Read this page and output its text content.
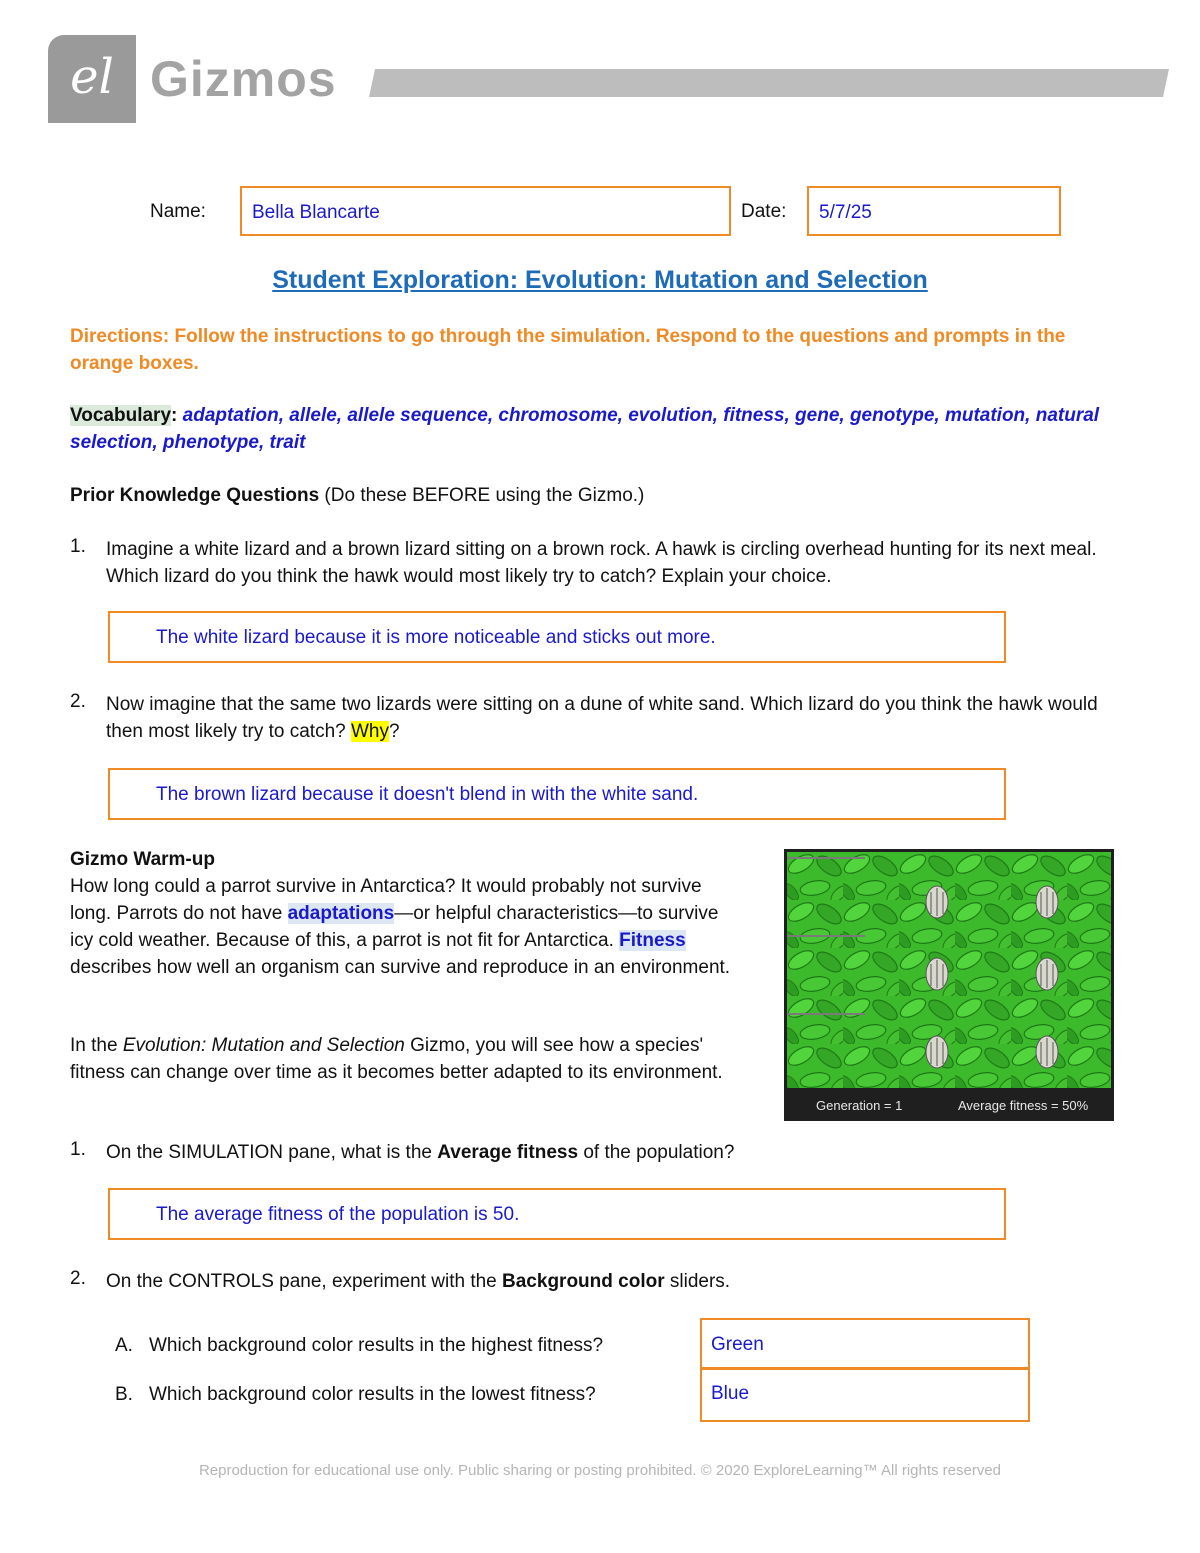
el Gizmos
Name: Bella Blancarte	Date: 5/7/25
Student Exploration: Evolution: Mutation and Selection
Directions: Follow the instructions to go through the simulation. Respond to the questions and prompts in the orange boxes.
Vocabulary: adaptation, allele, allele sequence, chromosome, evolution, fitness, gene, genotype, mutation, natural selection, phenotype, trait
Prior Knowledge Questions (Do these BEFORE using the Gizmo.)
1. Imagine a white lizard and a brown lizard sitting on a brown rock. A hawk is circling overhead hunting for its next meal. Which lizard do you think the hawk would most likely try to catch? Explain your choice.
The white lizard because it is more noticeable and sticks out more.
2. Now imagine that the same two lizards were sitting on a dune of white sand. Which lizard do you think the hawk would then most likely try to catch? Why?
The brown lizard because it doesn't blend in with the white sand.
Gizmo Warm-up
How long could a parrot survive in Antarctica? It would probably not survive long. Parrots do not have adaptations—or helpful characteristics—to survive icy cold weather. Because of this, a parrot is not fit for Antarctica. Fitness describes how well an organism can survive and reproduce in an environment.
In the Evolution: Mutation and Selection Gizmo, you will see how a species' fitness can change over time as it becomes better adapted to its environment.
Generation = 1	Average fitness = 50%
1. On the SIMULATION pane, what is the Average fitness of the population?
The average fitness of the population is 50.
2. On the CONTROLS pane, experiment with the Background color sliders.
A. Which background color results in the highest fitness?	Green
B. Which background color results in the lowest fitness?	Blue
Reproduction for educational use only. Public sharing or posting prohibited. © 2020 ExploreLearning™ All rights reserved
